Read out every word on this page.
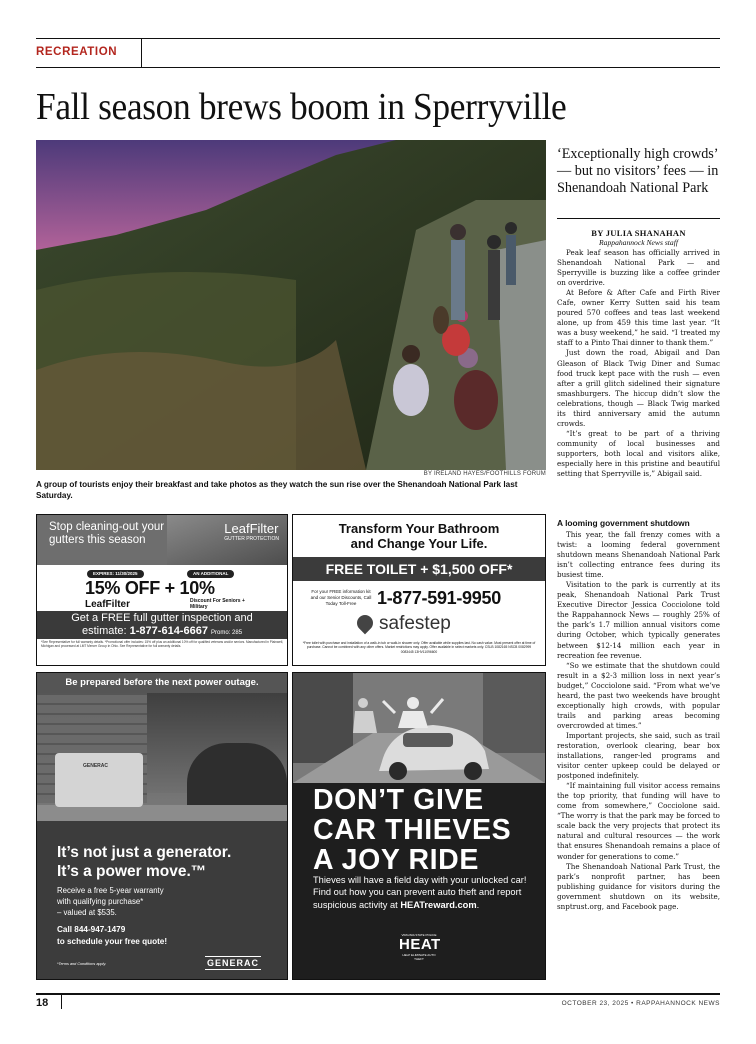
RECREATION
Fall season brews boom in Sperryville
BY IRELAND HAYES/FOOTHILLS FORUM

A group of tourists enjoy their breakfast and take photos as they watch the sun rise over the Shenandoah National Park last Saturday.

‘Exceptionally high crowds’ — but no visitors’ fees — in Shenandoah National Park

BY JULIA SHANAHAN
Rappahannock News staff

Peak leaf season has officially arrived in Shenandoah National Park — and Sperryville is buzzing like a coffee grinder on overdrive.

At Before & After Cafe and Firth River Cafe, owner Kerry Sutten said his team poured 570 coffees and teas last weekend alone, up from 459 this time last year. “It was a busy weekend,” he said. “I treated my staff to a Pinto Thai dinner to thank them.”

Just down the road, Abigail and Dan Gleason of Black Twig Diner and Sumac food truck kept pace with the rush — even after a grill glitch sidelined their signature smashburgers. The hiccup didn’t slow the celebrations, though — Black Twig marked its third anniversary amid the autumn crowds.

“It’s great to be part of a thriving community of local businesses and supporters, both local and visitors alike, especially here in this pristine and beautiful setting that Sperryville is,” Abigail said.

A looming government shutdown

This year, the fall frenzy comes with a twist: a looming federal government shutdown means Shenandoah National Park isn’t collecting entrance fees during its busiest time.

Visitation to the park is currently at its peak, Shenandoah National Park Trust Executive Director Jessica Cocciolone told the Rappahannock News — roughly 25% of the park’s 1.7 million annual visitors come during October, which typically generates between $12-14 million each year in recreation fee revenue.

“So we estimate that the shutdown could result in a $2-3 million loss in next year’s budget,” Cocciolone said. “From what we’ve heard, the past two weekends have brought exceptionally high crowds, with popular trails and parking areas becoming overcrowded at times.”

Important projects, she said, such as trail restoration, overlook clearing, bear box installations, ranger-led programs and visitor center upkeep could be delayed or postponed indefinitely.

“If maintaining full visitor access remains the top priority, that funding will have to come from somewhere,” Cocciolone said. “The worry is that the park may be forced to scale back the very projects that protect its natural and cultural resources — the work that ensures Shenandoah remains a place of wonder for generations to come.”

The Shenandoah National Park Trust, the park’s nonprofit partner, has been publishing guidance for visitors during the government shutdown on its website, snptrust.org, and Facebook page.

Stop cleaning-out your gutters this season
LeafFilter
GUTTER PROTECTION
EXPIRES: 11/30/2025	AN ADDITIONAL
15% OFF + 10%
LeafFilter	Discount For Seniors + Military
Get a FREE full gutter inspection and
estimate: 1-877-614-6667 Promo: 285
*See Representative for full warranty details. *Promotional offer includes: 15% off plus an additional 10% off for qualified veterans and/or seniors. Manufactured in Plainwell, Michigan and processed at LMT Mercer Group in Ohio. See Representative for full warranty details.
Transform Your Bathroom
and Change Your Life.
FREE TOILET + $1,500 OFF*
For your FREE information kit and our Senior Discounts, Call Today Toll-Free	1-877-591-9950
safestep
*Free toilet with purchase and installation of a walk-in tub or walk-in shower only. Offer available while supplies last. No cash value. Must present offer at time of purchase. Cannot be combined with any other offers. Market restrictions may apply. Offer available in select markets only. CSLB 1082165 NSCB 0082999 0083445 13HV11096600
Be prepared before the next power outage.
GENERAC
It’s not just a generator.
It’s a power move.™
Receive a free 5-year warranty
with qualifying purchase*
– valued at $535.
Call 844-947-1479
to schedule your free quote!
*Terms and Conditions apply.	GENERAC
DON’T GIVE
CAR THIEVES
A JOY RIDE
Thieves will have a field day with your unlocked car! Find out how you can prevent auto theft and report suspicious activity at HEATreward.com.
VIRGINIA STATE POLICE
HEAT
HELP ELIMINATE AUTO THEFT
18	OCTOBER 23, 2025 • RAPPAHANNOCK NEWS
